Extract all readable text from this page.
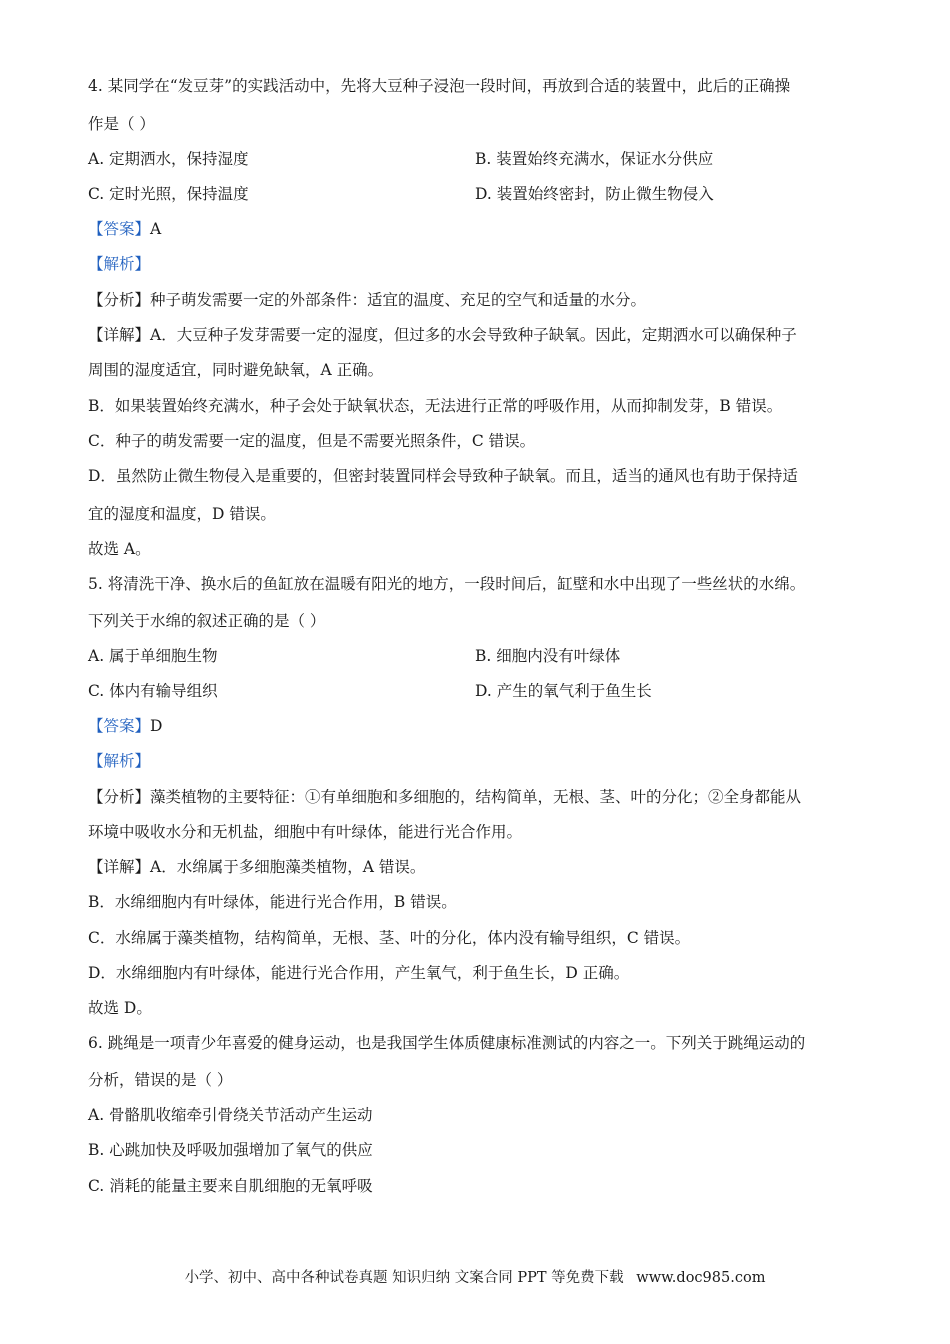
4. 某同学在“发豆芽”的实践活动中，先将大豆种子浸泡一段时间，再放到合适的装置中，此后的正确操
作是（ ）
A. 定期洒水，保持湿度	B. 装置始终充满水，保证水分供应
C. 定时光照，保持温度	D. 装置始终密封，防止微生物侵入
【答案】A
【解析】
【分析】种子萌发需要一定的外部条件：适宜的温度、充足的空气和适量的水分。
【详解】A．大豆种子发芽需要一定的湿度，但过多的水会导致种子缺氧。因此，定期洒水可以确保种子
周围的湿度适宜，同时避免缺氧，A 正确。
B．如果装置始终充满水，种子会处于缺氧状态，无法进行正常的呼吸作用，从而抑制发芽，B 错误。
C．种子的萌发需要一定的温度，但是不需要光照条件，C 错误。
D．虽然防止微生物侵入是重要的，但密封装置同样会导致种子缺氧。而且，适当的通风也有助于保持适
宜的湿度和温度，D 错误。
故选 A。
5. 将清洗干净、换水后的鱼缸放在温暖有阳光的地方，一段时间后，缸壁和水中出现了一些丝状的水绵。
下列关于水绵的叙述正确的是（ ）
A. 属于单细胞生物	B. 细胞内没有叶绿体
C. 体内有输导组织	D. 产生的氧气利于鱼生长
【答案】D
【解析】
【分析】藻类植物的主要特征：①有单细胞和多细胞的，结构简单，无根、茎、叶的分化；②全身都能从
环境中吸收水分和无机盐，细胞中有叶绿体，能进行光合作用。
【详解】A．水绵属于多细胞藻类植物，A 错误。
B．水绵细胞内有叶绿体，能进行光合作用，B 错误。
C．水绵属于藻类植物，结构简单，无根、茎、叶的分化，体内没有输导组织，C 错误。
D．水绵细胞内有叶绿体，能进行光合作用，产生氧气，利于鱼生长，D 正确。
故选 D。
6. 跳绳是一项青少年喜爱的健身运动，也是我国学生体质健康标准测试的内容之一。下列关于跳绳运动的
分析，错误的是（ ）
A. 骨骼肌收缩牵引骨绕关节活动产生运动
B. 心跳加快及呼吸加强增加了氧气的供应
C. 消耗的能量主要来自肌细胞的无氧呼吸
小学、初中、高中各种试卷真题 知识归纳 文案合同 PPT 等免费下载 www.doc985.com
